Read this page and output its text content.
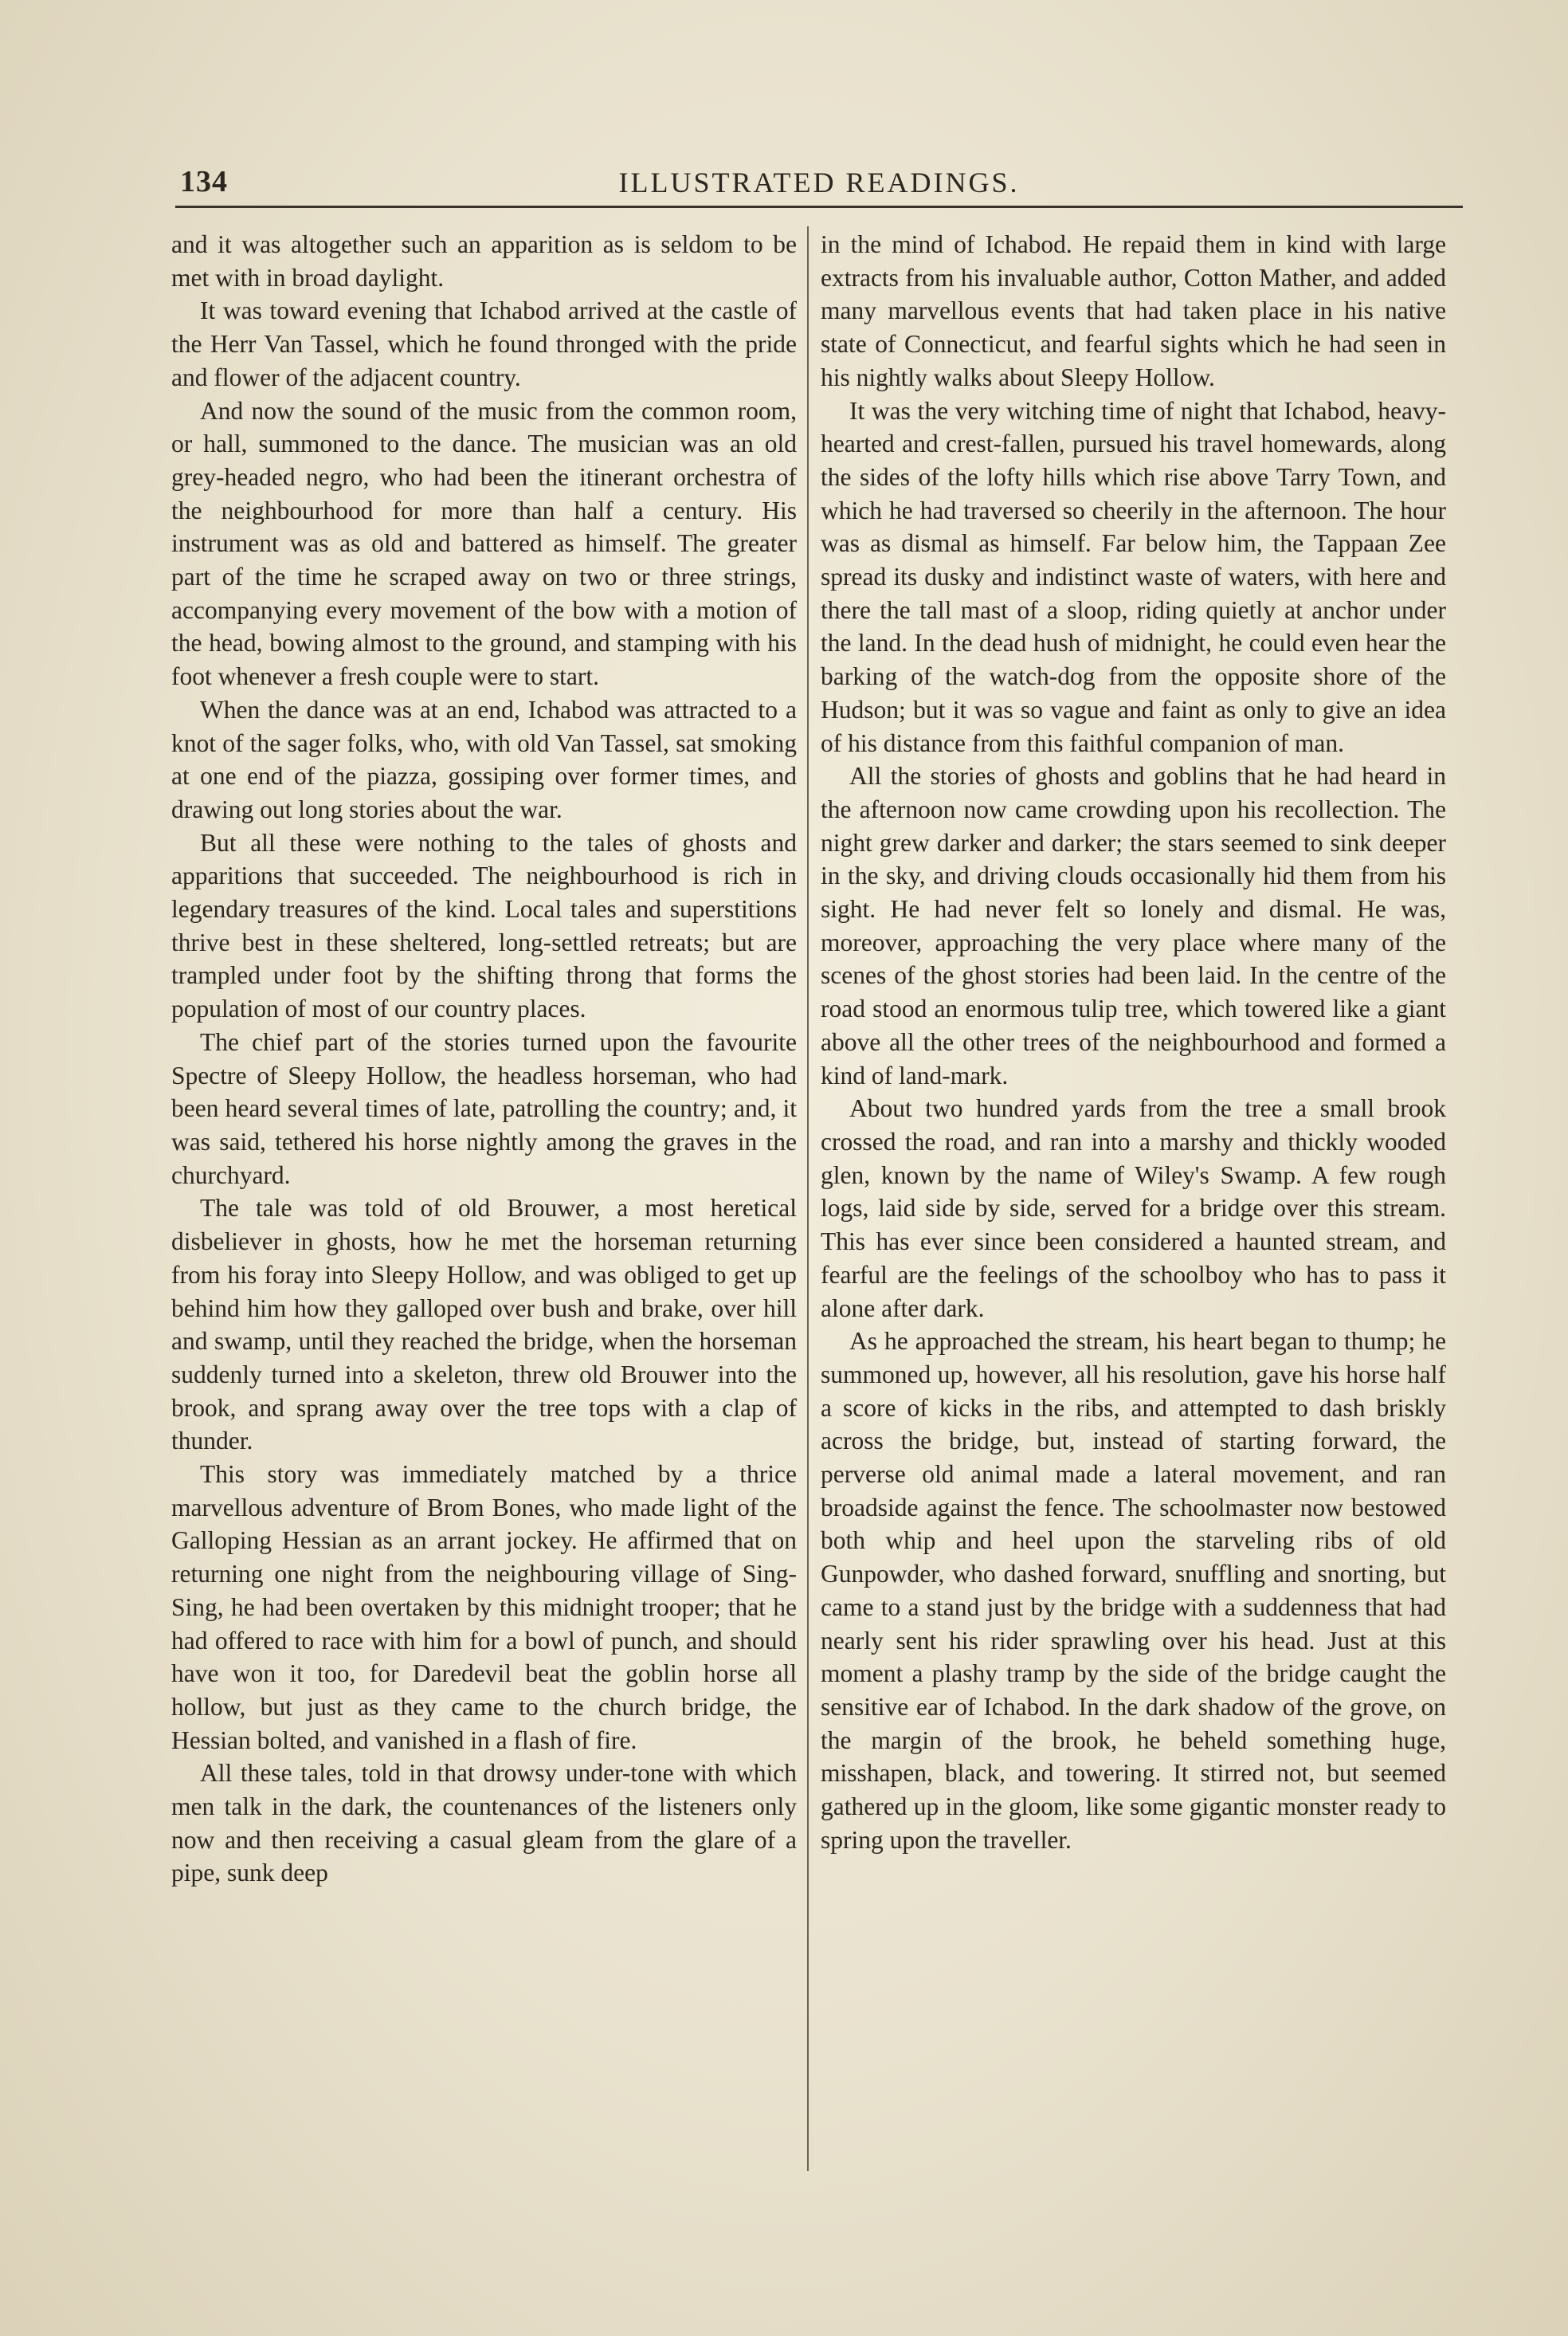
134	ILLUSTRATED READINGS.

and it was altogether such an apparition as is seldom to be met with in broad daylight.

It was toward evening that Ichabod arrived at the castle of the Herr Van Tassel, which he found thronged with the pride and flower of the adjacent country.

And now the sound of the music from the common room, or hall, summoned to the dance. The musician was an old grey-headed negro, who had been the itinerant orchestra of the neighbourhood for more than half a century. His instrument was as old and battered as himself. The greater part of the time he scraped away on two or three strings, accompanying every movement of the bow with a motion of the head, bowing almost to the ground, and stamping with his foot whenever a fresh couple were to start.

When the dance was at an end, Ichabod was attracted to a knot of the sager folks, who, with old Van Tassel, sat smoking at one end of the piazza, gossiping over former times, and drawing out long stories about the war.

But all these were nothing to the tales of ghosts and apparitions that succeeded. The neighbourhood is rich in legendary treasures of the kind. Local tales and superstitions thrive best in these sheltered, long-settled retreats; but are trampled under foot by the shifting throng that forms the population of most of our country places.

The chief part of the stories turned upon the favourite Spectre of Sleepy Hollow, the headless horseman, who had been heard several times of late, patrolling the country; and, it was said, tethered his horse nightly among the graves in the churchyard.

The tale was told of old Brouwer, a most heretical disbeliever in ghosts, how he met the horseman returning from his foray into Sleepy Hollow, and was obliged to get up behind him how they galloped over bush and brake, over hill and swamp, until they reached the bridge, when the horseman suddenly turned into a skeleton, threw old Brouwer into the brook, and sprang away over the tree tops with a clap of thunder.

This story was immediately matched by a thrice marvellous adventure of Brom Bones, who made light of the Galloping Hessian as an arrant jockey. He affirmed that on returning one night from the neighbouring village of Sing-Sing, he had been overtaken by this midnight trooper; that he had offered to race with him for a bowl of punch, and should have won it too, for Daredevil beat the goblin horse all hollow, but just as they came to the church bridge, the Hessian bolted, and vanished in a flash of fire.

All these tales, told in that drowsy under-tone with which men talk in the dark, the countenances of the listeners only now and then receiving a casual gleam from the glare of a pipe, sunk deep

in the mind of Ichabod. He repaid them in kind with large extracts from his invaluable author, Cotton Mather, and added many marvellous events that had taken place in his native state of Connecticut, and fearful sights which he had seen in his nightly walks about Sleepy Hollow.

It was the very witching time of night that Ichabod, heavy-hearted and crest-fallen, pursued his travel homewards, along the sides of the lofty hills which rise above Tarry Town, and which he had traversed so cheerily in the afternoon. The hour was as dismal as himself. Far below him, the Tappaan Zee spread its dusky and indistinct waste of waters, with here and there the tall mast of a sloop, riding quietly at anchor under the land. In the dead hush of midnight, he could even hear the barking of the watch-dog from the opposite shore of the Hudson; but it was so vague and faint as only to give an idea of his distance from this faithful companion of man.

All the stories of ghosts and goblins that he had heard in the afternoon now came crowding upon his recollection. The night grew darker and darker; the stars seemed to sink deeper in the sky, and driving clouds occasionally hid them from his sight. He had never felt so lonely and dismal. He was, moreover, approaching the very place where many of the scenes of the ghost stories had been laid. In the centre of the road stood an enormous tulip tree, which towered like a giant above all the other trees of the neighbourhood and formed a kind of land-mark.

About two hundred yards from the tree a small brook crossed the road, and ran into a marshy and thickly wooded glen, known by the name of Wiley's Swamp. A few rough logs, laid side by side, served for a bridge over this stream. This has ever since been considered a haunted stream, and fearful are the feelings of the schoolboy who has to pass it alone after dark.

As he approached the stream, his heart began to thump; he summoned up, however, all his resolution, gave his horse half a score of kicks in the ribs, and attempted to dash briskly across the bridge, but, instead of starting forward, the perverse old animal made a lateral movement, and ran broadside against the fence. The schoolmaster now bestowed both whip and heel upon the starveling ribs of old Gunpowder, who dashed forward, snuffling and snorting, but came to a stand just by the bridge with a suddenness that had nearly sent his rider sprawling over his head. Just at this moment a plashy tramp by the side of the bridge caught the sensitive ear of Ichabod. In the dark shadow of the grove, on the margin of the brook, he beheld something huge, misshapen, black, and towering. It stirred not, but seemed gathered up in the gloom, like some gigantic monster ready to spring upon the traveller.
